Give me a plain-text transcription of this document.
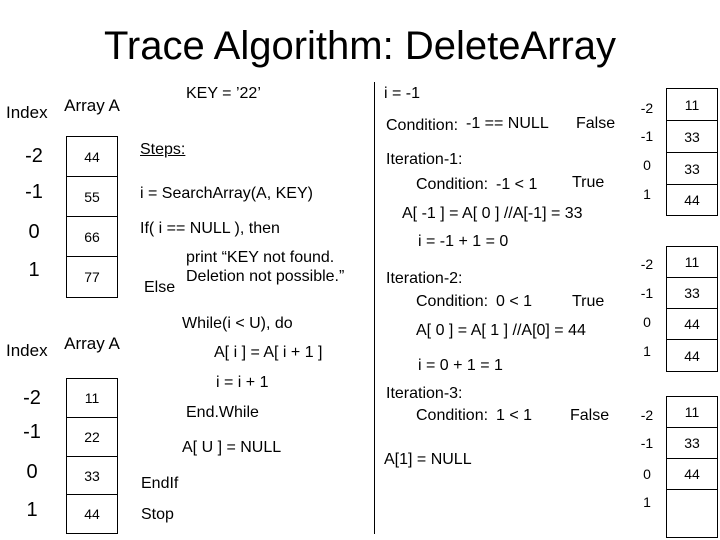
Trace Algorithm: DeleteArray
Index Array A
44
55
66
77
-2
-1
0
1
Index Array A
11
22
33
44
-2
-1
0
1
KEY = ’22’
Steps:
i = SearchArray(A, KEY)
If( i == NULL ), then
print “KEY not found.
Deletion not possible.”
Else
While(i < U), do
A[ i ] = A[ i + 1 ]
i = i + 1
End.While
A[ U ] = NULL
EndIf
Stop
i = -1
Condition: -1 == NULL False
Iteration-1:
Condition: -1 < 1 True
A[ -1 ] = A[ 0 ] //A[-1] = 33
i = -1 + 1 = 0
Iteration-2:
Condition: 0 < 1 True
A[ 0 ] = A[ 1 ] //A[0] = 44
i = 0 + 1 = 1
Iteration-3:
Condition: 1 < 1 False
A[1] = NULL
-2
-1
0
1
11
33
33
44
-2
-1
0
1
11
33
44
44
-2
-1
0
1
11
33
44
